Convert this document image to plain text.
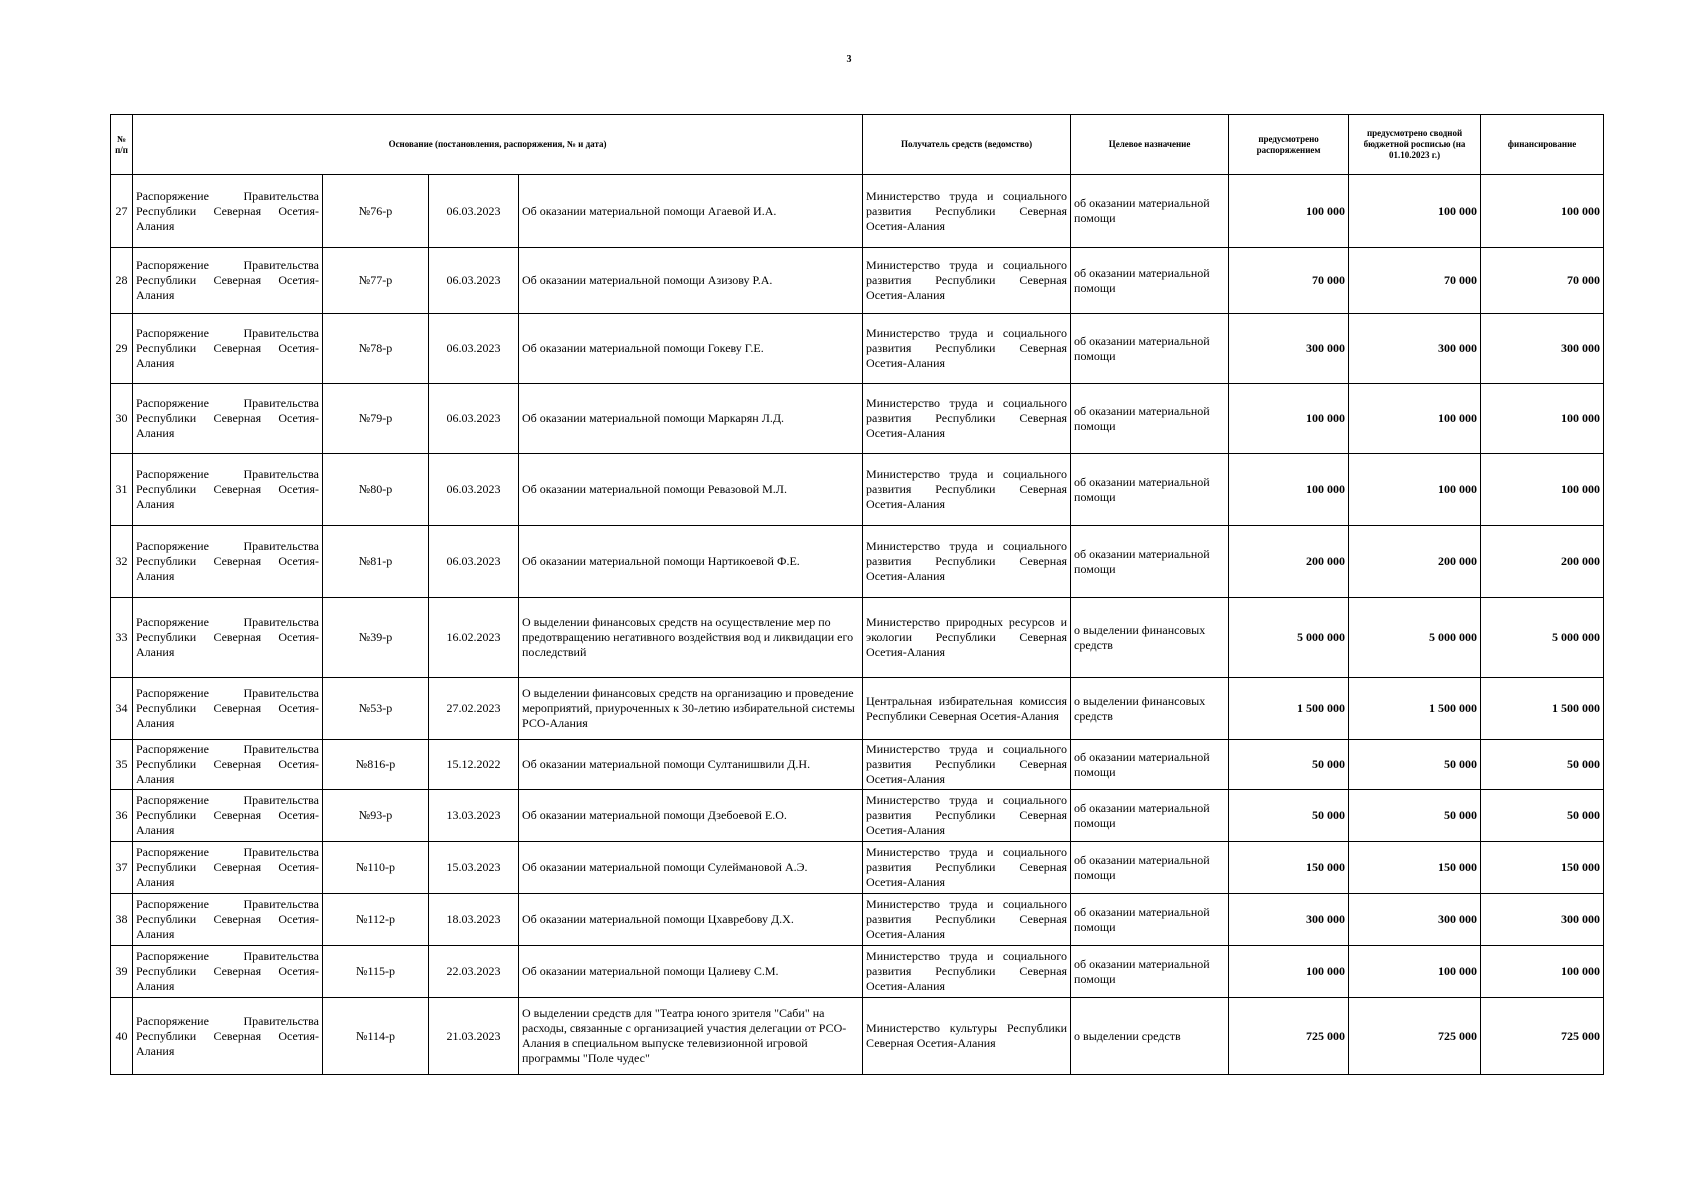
3
№ п/п	Основание (постановления, распоряжения, № и дата)				Получатель средств (ведомство)	Целевое назначение	предусмотрено распоряжением	предусмотрено сводной бюджетной росписью (на 01.10.2023 г.)	финансирование
27	Распоряжение Правительства Республики Северная Осетия-Алания	№76-р	06.03.2023	Об оказании материальной помощи Агаевой И.А.	Министерство труда и социального развития Республики Северная Осетия-Алания	об оказании материальной помощи	100 000	100 000	100 000
28	Распоряжение Правительства Республики Северная Осетия-Алания	№77-р	06.03.2023	Об оказании материальной помощи Азизову Р.А.	Министерство труда и социального развития Республики Северная Осетия-Алания	об оказании материальной помощи	70 000	70 000	70 000
29	Распоряжение Правительства Республики Северная Осетия-Алания	№78-р	06.03.2023	Об оказании материальной помощи Гокеву Г.Е.	Министерство труда и социального развития Республики Северная Осетия-Алания	об оказании материальной помощи	300 000	300 000	300 000
30	Распоряжение Правительства Республики Северная Осетия-Алания	№79-р	06.03.2023	Об оказании материальной помощи Маркарян Л.Д.	Министерство труда и социального развития Республики Северная Осетия-Алания	об оказании материальной помощи	100 000	100 000	100 000
31	Распоряжение Правительства Республики Северная Осетия-Алания	№80-р	06.03.2023	Об оказании материальной помощи Ревазовой М.Л.	Министерство труда и социального развития Республики Северная Осетия-Алания	об оказании материальной помощи	100 000	100 000	100 000
32	Распоряжение Правительства Республики Северная Осетия-Алания	№81-р	06.03.2023	Об оказании материальной помощи Нартикоевой Ф.Е.	Министерство труда и социального развития Республики Северная Осетия-Алания	об оказании материальной помощи	200 000	200 000	200 000
33	Распоряжение Правительства Республики Северная Осетия-Алания	№39-р	16.02.2023	О выделении финансовых средств на осуществление мер по предотвращению негативного воздействия вод и ликвидации его последствий	Министерство природных ресурсов и экологии Республики Северная Осетия-Алания	о выделении финансовых средств	5 000 000	5 000 000	5 000 000
34	Распоряжение Правительства Республики Северная Осетия-Алания	№53-р	27.02.2023	О выделении финансовых средств на организацию и проведение мероприятий, приуроченных к 30-летию избирательной системы РСО-Алания	Центральная избирательная комиссия Республики Северная Осетия-Алания	о выделении финансовых средств	1 500 000	1 500 000	1 500 000
35	Распоряжение Правительства Республики Северная Осетия-Алания	№816-р	15.12.2022	Об оказании материальной помощи Султанишвили Д.Н.	Министерство труда и социального развития Республики Северная Осетия-Алания	об оказании материальной помощи	50 000	50 000	50 000
36	Распоряжение Правительства Республики Северная Осетия-Алания	№93-р	13.03.2023	Об оказании материальной помощи Дзебоевой Е.О.	Министерство труда и социального развития Республики Северная Осетия-Алания	об оказании материальной помощи	50 000	50 000	50 000
37	Распоряжение Правительства Республики Северная Осетия-Алания	№110-р	15.03.2023	Об оказании материальной помощи Сулеймановой А.Э.	Министерство труда и социального развития Республики Северная Осетия-Алания	об оказании материальной помощи	150 000	150 000	150 000
38	Распоряжение Правительства Республики Северная Осетия-Алания	№112-р	18.03.2023	Об оказании материальной помощи Цхаврeбову Д.Х.	Министерство труда и социального развития Республики Северная Осетия-Алания	об оказании материальной помощи	300 000	300 000	300 000
39	Распоряжение Правительства Республики Северная Осетия-Алания	№115-р	22.03.2023	Об оказании материальной помощи Цалиеву С.М.	Министерство труда и социального развития Республики Северная Осетия-Алания	об оказании материальной помощи	100 000	100 000	100 000
40	Распоряжение Правительства Республики Северная Осетия-Алания	№114-р	21.03.2023	О выделении средств для "Театра юного зрителя "Саби" на расходы, связанные с организацией участия делегации от РСО-Алания в специальном выпуске телевизионной игровой программы "Поле чудес"	Министерство культуры Республики Северная Осетия-Алания	о выделении средств	725 000	725 000	725 000
